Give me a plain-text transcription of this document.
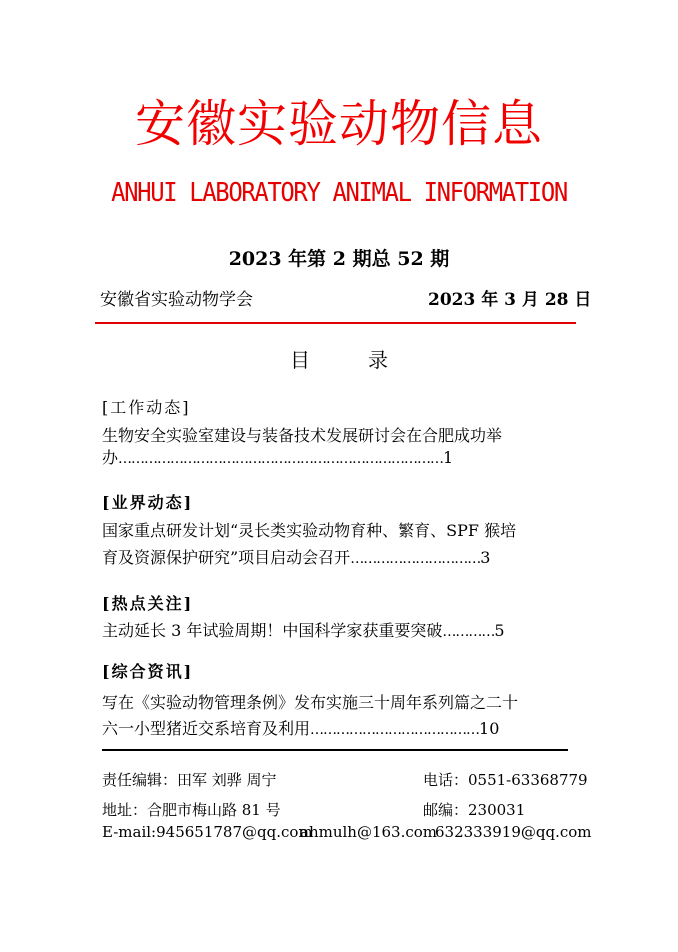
安徽实验动物信息
ANHUI LABORATORY ANIMAL INFORMATION
2023 年第 2 期总 52 期
安徽省实验动物学会	2023 年 3 月 28 日
目录
[工作动态]
生物安全实验室建设与装备技术发展研讨会在合肥成功举
办…………………………………………………………………1
[业界动态]
国家重点研发计划“灵长类实验动物育种、繁育、SPF 猴培
育及资源保护研究”项目启动会召开…………………………3
[热点关注]
主动延长 3 年试验周期！中国科学家获重要突破…………5
[综合资讯]
写在《实验动物管理条例》发布实施三十周年系列篇之二十
六一小型猪近交系培育及利用…………………………………10
责任编辑：田军 刘骅 周宁	电话：0551-63368779
地址：合肥市梅山路 81 号	邮编：230031
E-mail:945651787@qq.com
ahmulh@163.com
632333919@qq.com
